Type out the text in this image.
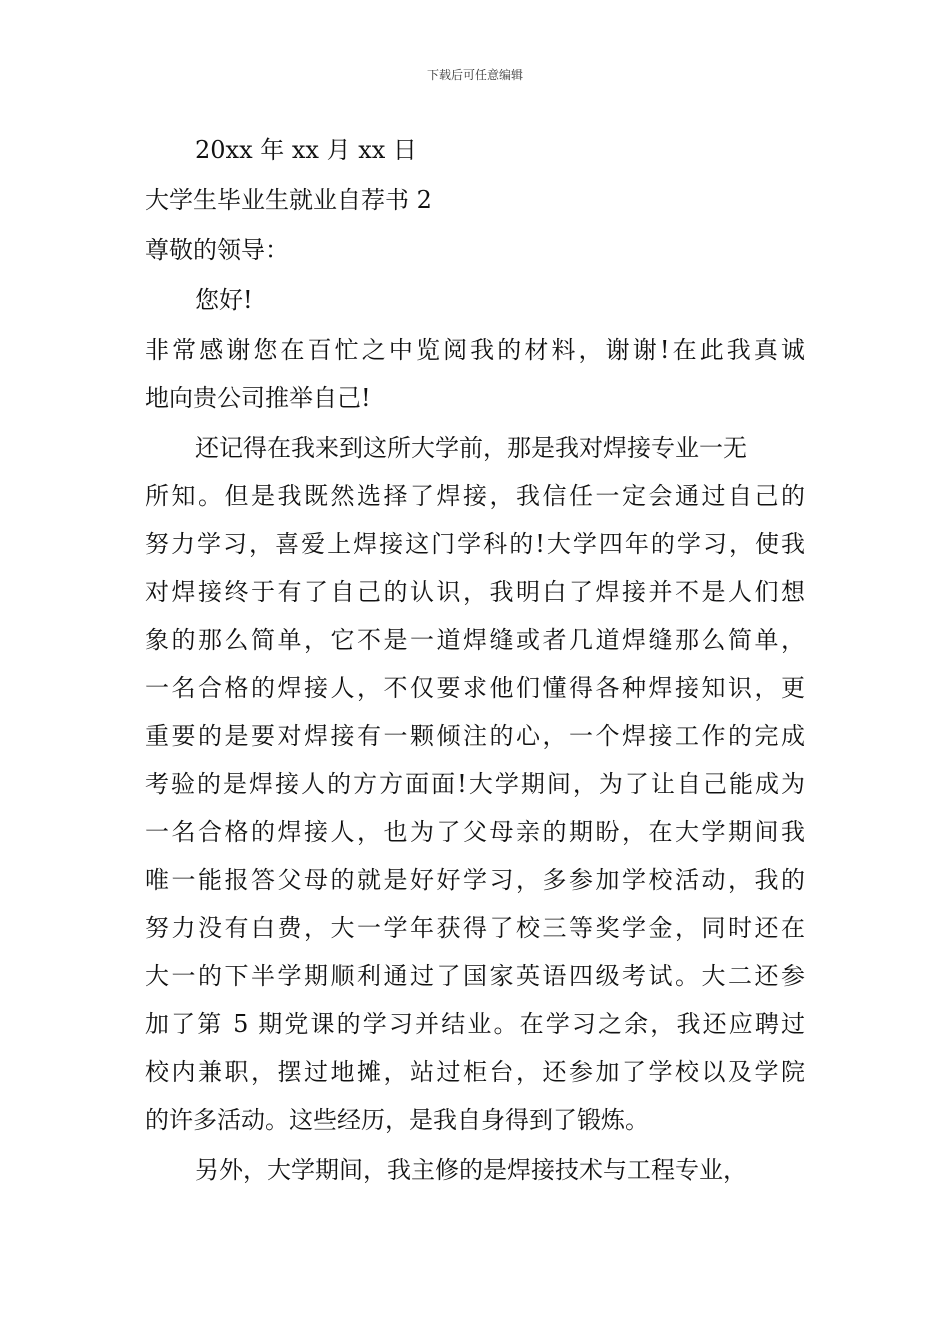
下载后可任意编辑
20xx 年 xx 月 xx 日
大学生毕业生就业自荐书 2
尊敬的领导：
您好!
非常感谢您在百忙之中览阅我的材料，谢谢!在此我真诚
地向贵公司推举自己!
还记得在我来到这所大学前，那是我对焊接专业一无
所知。但是我既然选择了焊接，我信任一定会通过自己的
努力学习，喜爱上焊接这门学科的!大学四年的学习，使我
对焊接终于有了自己的认识，我明白了焊接并不是人们想
象的那么简单，它不是一道焊缝或者几道焊缝那么简单，
一名合格的焊接人，不仅要求他们懂得各种焊接知识，更
重要的是要对焊接有一颗倾注的心，一个焊接工作的完成
考验的是焊接人的方方面面!大学期间，为了让自己能成为
一名合格的焊接人，也为了父母亲的期盼，在大学期间我
唯一能报答父母的就是好好学习，多参加学校活动，我的
努力没有白费，大一学年获得了校三等奖学金，同时还在
大一的下半学期顺利通过了国家英语四级考试。大二还参
加了第 5 期党课的学习并结业。在学习之余，我还应聘过
校内兼职，摆过地摊，站过柜台，还参加了学校以及学院
的许多活动。这些经历，是我自身得到了锻炼。
另外，大学期间，我主修的是焊接技术与工程专业，
